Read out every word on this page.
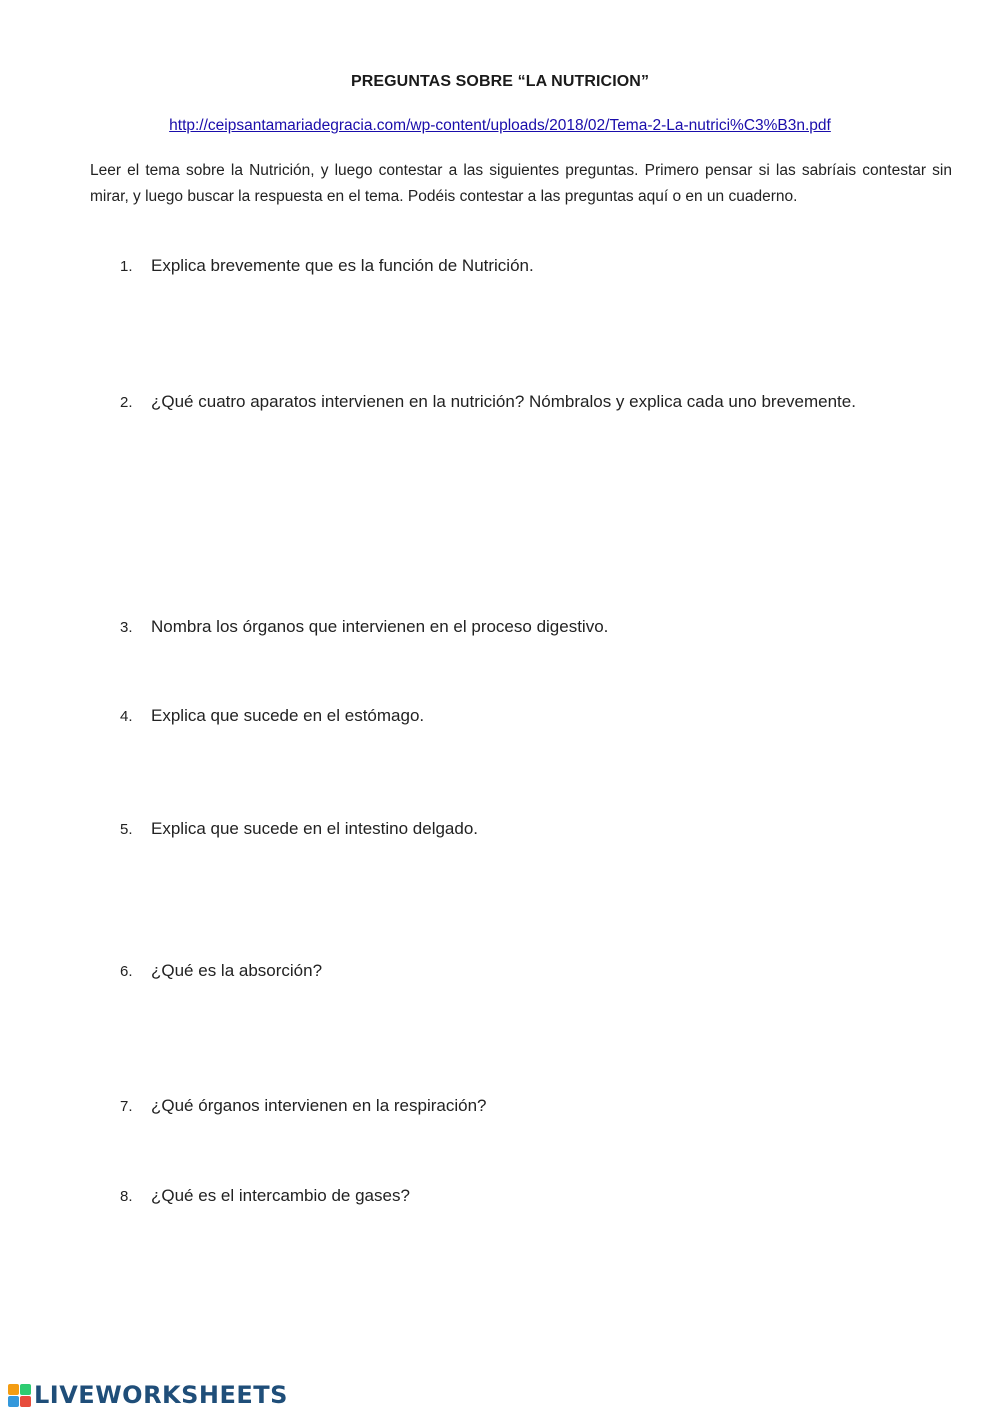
PREGUNTAS SOBRE “LA NUTRICION”
http://ceipsantamariadegracia.com/wp-content/uploads/2018/02/Tema-2-La-nutrici%C3%B3n.pdf
Leer el tema sobre la Nutrición, y luego contestar a las siguientes preguntas. Primero pensar si las sabríais contestar sin mirar, y luego buscar la respuesta en el tema. Podéis contestar a las preguntas aquí o en un cuaderno.
1. Explica brevemente que es la función de Nutrición.
2. ¿Qué cuatro aparatos intervienen en la nutrición? Nómbralos y explica cada uno brevemente.
3. Nombra los órganos que intervienen en el proceso digestivo.
4. Explica que sucede en el estómago.
5. Explica que sucede en el intestino delgado.
6. ¿Qué es la absorción?
7. ¿Qué órganos intervienen en la respiración?
8. ¿Qué es el intercambio de gases?
LIVEWORKSHEETS
